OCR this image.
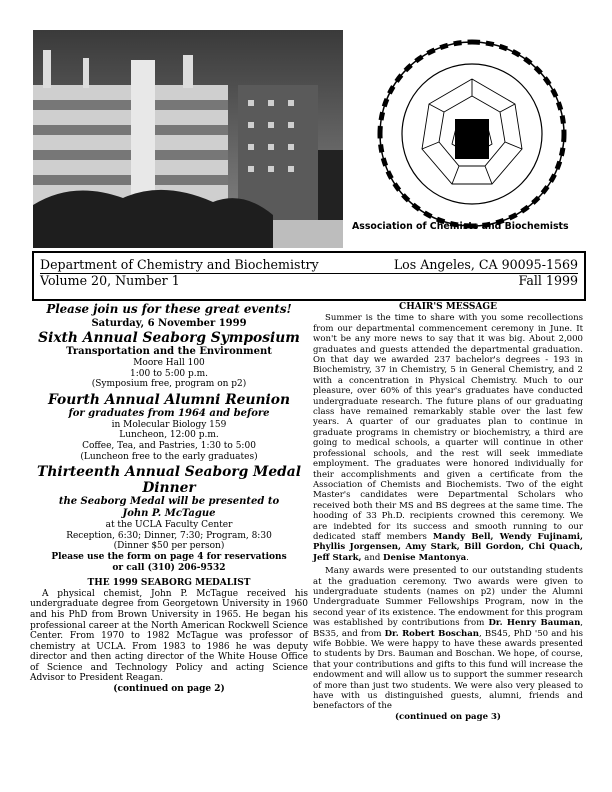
Association of Chemists and Biochemists
Department of Chemistry and Biochemistry	Los Angeles, CA 90095-1569
Volume 20, Number 1	Fall 1999
Please join us for these great events!
Saturday, 6 November 1999
Sixth Annual Seaborg Symposium
Transportation and the Environment
Moore Hall 100
1:00 to 5:00 p.m.
(Symposium free, program on p2)
Fourth Annual Alumni Reunion
for graduates from 1964 and before
in Molecular Biology 159
Luncheon, 12:00 p.m.
Coffee, Tea, and Pastries, 1:30 to 5:00
(Luncheon free to the early graduates)
Thirteenth Annual Seaborg Medal
Dinner
the Seaborg Medal will be presented to
John P. McTague
at the UCLA Faculty Center
Reception, 6:30; Dinner, 7:30; Program, 8:30
(Dinner $50 per person)
Please use the form on page 4 for reservations
or call (310) 206-9532
THE 1999 SEABORG MEDALIST
A physical chemist, John P. McTague received his undergraduate degree from Georgetown University in 1960 and his PhD from Brown University in 1965. He began his professional career at the North American Rockwell Science Center. From 1970 to 1982 McTague was professor of chemistry at UCLA. From 1983 to 1986 he was deputy director and then acting director of the White House Office of Science and Technology Policy and acting Science Advisor to President Reagan.
(continued on page 2)
CHAIR'S MESSAGE
Summer is the time to share with you some recollections from our departmental commencement ceremony in June. It won't be any more news to say that it was big. About 2,000 graduates and guests attended the departmental graduation. On that day we awarded 237 bachelor's degrees - 193 in Biochemistry, 37 in Chemistry, 5 in General Chemistry, and 2 with a concentration in Physical Chemistry. Much to our pleasure, over 60% of this year's graduates have conducted undergraduate research. The future plans of our graduating class have remained remarkably stable over the last few years. A quarter of our graduates plan to continue in graduate programs in chemistry or biochemistry, a third are going to medical schools, a quarter will continue in other professional schools, and the rest will seek immediate employment. The graduates were honored individually for their accomplishments and given a certificate from the Association of Chemists and Biochemists. Two of the eight Master's candidates were Departmental Scholars who received both their MS and BS degrees at the same time. The hooding of 33 Ph.D. recipients crowned this ceremony. We are indebted for its success and smooth running to our dedicated staff members Mandy Bell, Wendy Fujinami, Phyllis Jorgensen, Amy Stark, Bill Gordon, Chi Quach, Jeff Stark, and Denise Mantonya.
Many awards were presented to our outstanding students at the graduation ceremony. Two awards were given to undergraduate students (names on p2) under the Alumni Undergraduate Summer Fellowships Program, now in the second year of its existence. The endowment for this program was established by contributions from Dr. Henry Bauman, BS35, and from Dr. Robert Boschan, BS45, PhD '50 and his wife Bobbie. We were happy to have these awards presented to students by Drs. Bauman and Boschan. We hope, of course, that your contributions and gifts to this fund will increase the endowment and will allow us to support the summer research of more than just two students. We were also very pleased to have with us distinguished guests, alumni, friends and benefactors of the
(continued on page 3)
